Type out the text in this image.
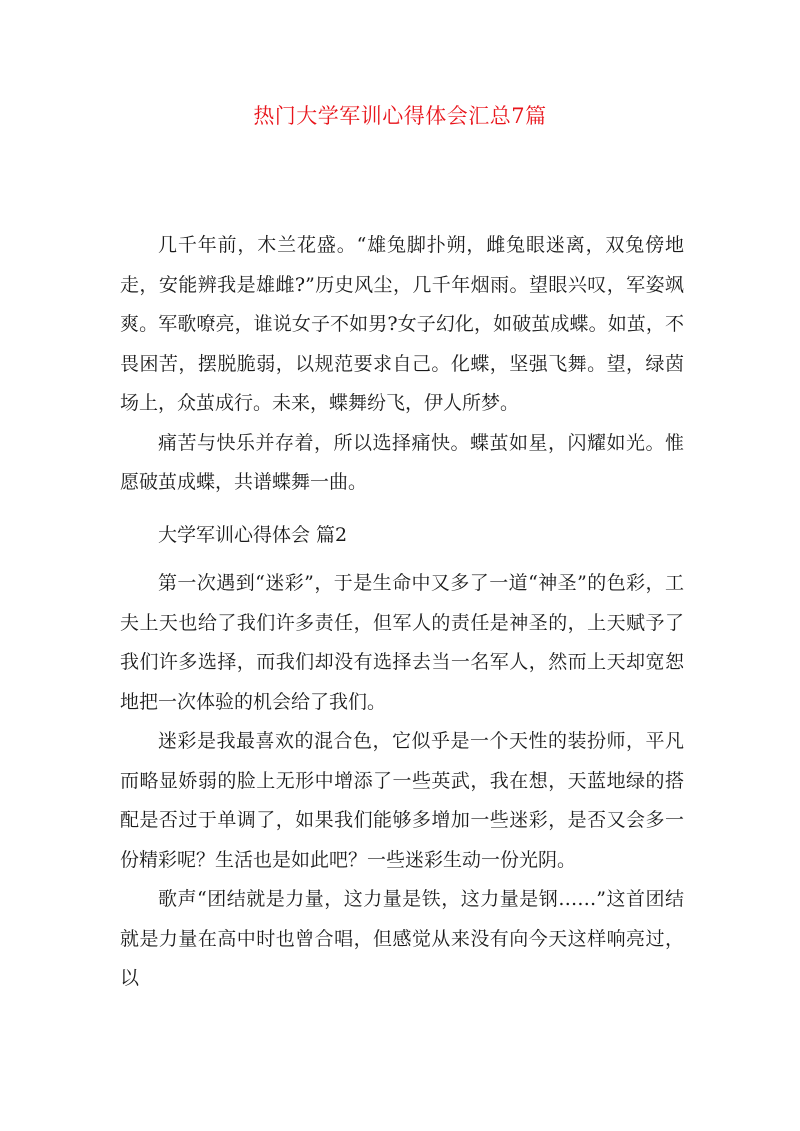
热门大学军训心得体会汇总7篇

几千年前，木兰花盛。“雄兔脚扑朔，雌兔眼迷离，双兔傍地走，安能辨我是雄雌?”历史风尘，几千年烟雨。望眼兴叹，军姿飒爽。军歌嘹亮，谁说女子不如男?女子幻化，如破茧成蝶。如茧，不畏困苦，摆脱脆弱，以规范要求自己。化蝶，坚强飞舞。望，绿茵场上，众茧成行。未来，蝶舞纷飞，伊人所梦。

痛苦与快乐并存着，所以选择痛快。蝶茧如星，闪耀如光。惟愿破茧成蝶，共谱蝶舞一曲。

大学军训心得体会 篇2

第一次遇到“迷彩”，于是生命中又多了一道“神圣”的色彩，工夫上天也给了我们许多责任，但军人的责任是神圣的，上天赋予了我们许多选择，而我们却没有选择去当一名军人，然而上天却宽恕地把一次体验的机会给了我们。

迷彩是我最喜欢的混合色，它似乎是一个天性的装扮师，平凡而略显娇弱的脸上无形中增添了一些英武，我在想，天蓝地绿的搭配是否过于单调了，如果我们能够多增加一些迷彩，是否又会多一份精彩呢？生活也是如此吧？一些迷彩生动一份光阴。

歌声“团结就是力量，这力量是铁，这力量是钢……”这首团结就是力量在高中时也曾合唱，但感觉从来没有向今天这样响亮过，以
